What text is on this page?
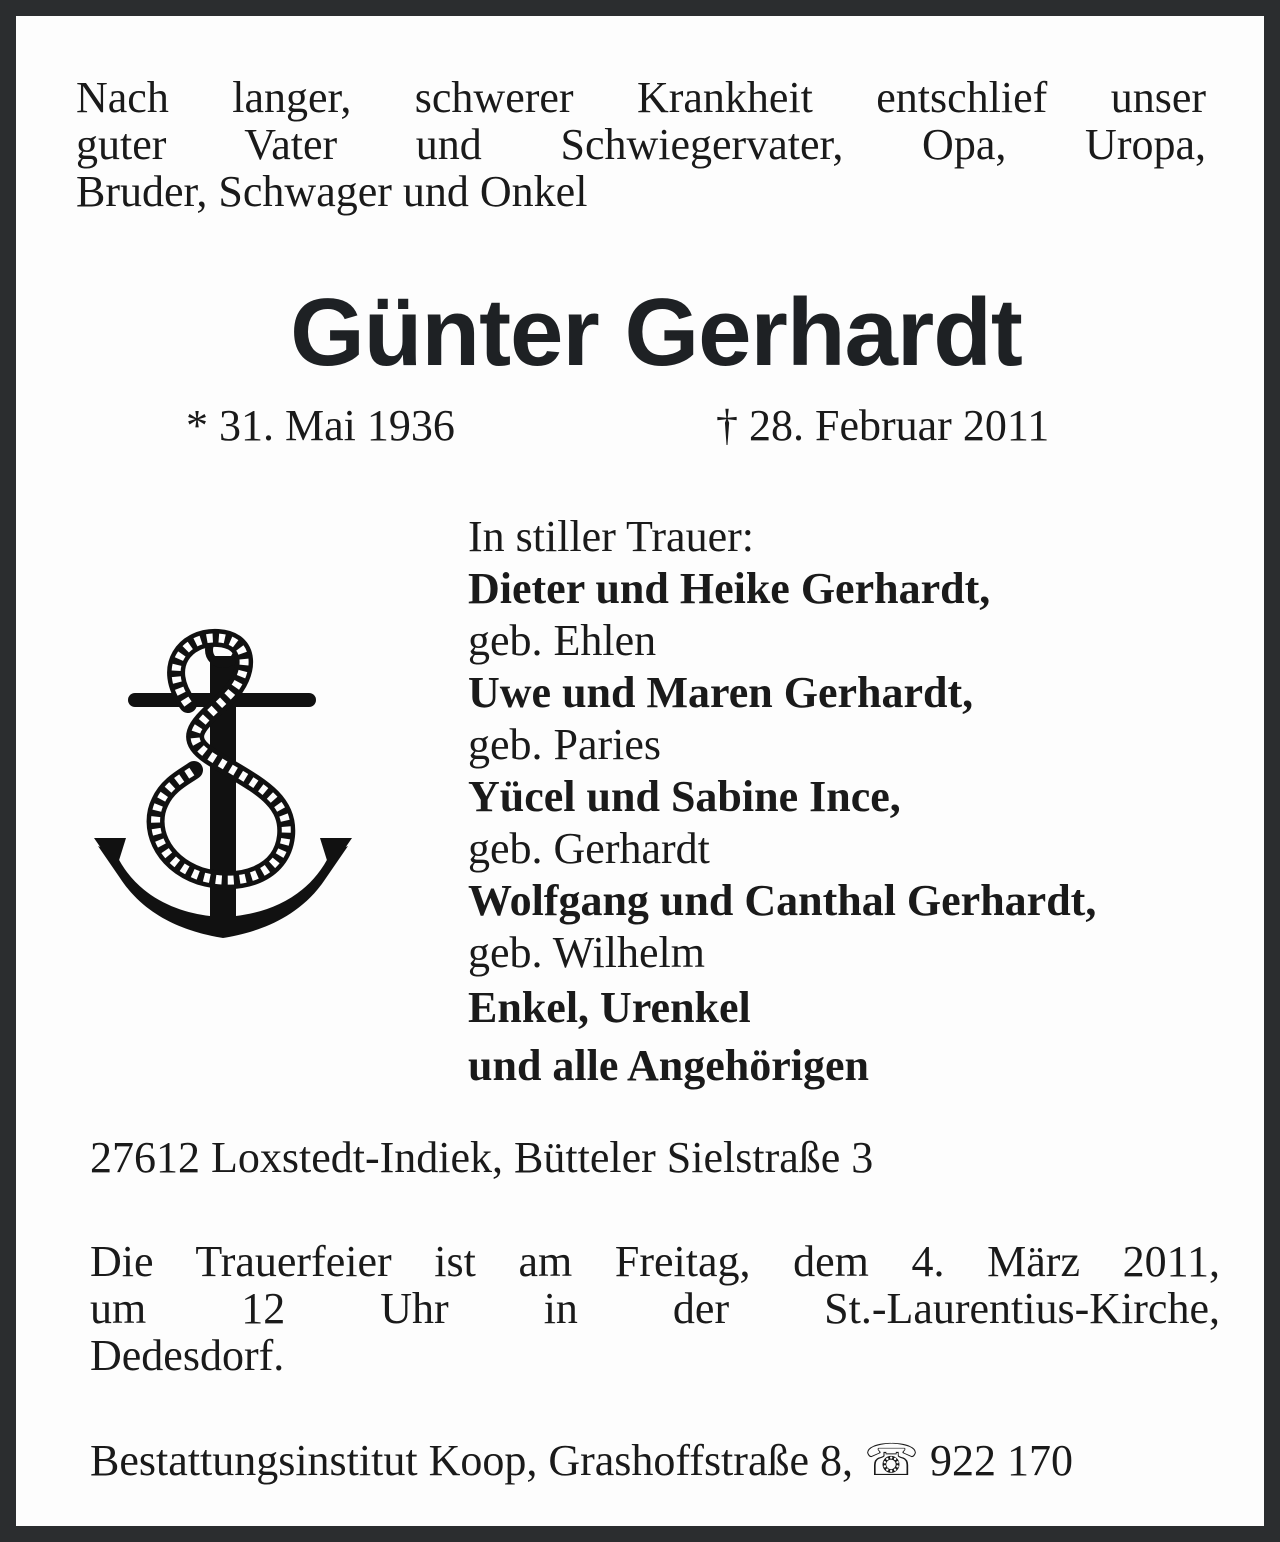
Nach langer, schwerer Krankheit entschlief unser
guter Vater und Schwiegervater, Opa, Uropa,
Bruder, Schwager und Onkel
Günter Gerhardt
* 31. Mai 1936	† 28. Februar 2011
In stiller Trauer:
Dieter und Heike Gerhardt,
geb. Ehlen
Uwe und Maren Gerhardt,
geb. Paries
Yücel und Sabine Ince,
geb. Gerhardt
Wolfgang und Canthal Gerhardt,
geb. Wilhelm
Enkel, Urenkel
und alle Angehörigen
27612 Loxstedt-Indiek, Bütteler Sielstraße 3
Die Trauerfeier ist am Freitag, dem 4. März 2011,
um 12 Uhr in der St.-Laurentius-Kirche,
Dedesdorf.
Bestattungsinstitut Koop, Grashoffstraße 8, ☏ 922 170
